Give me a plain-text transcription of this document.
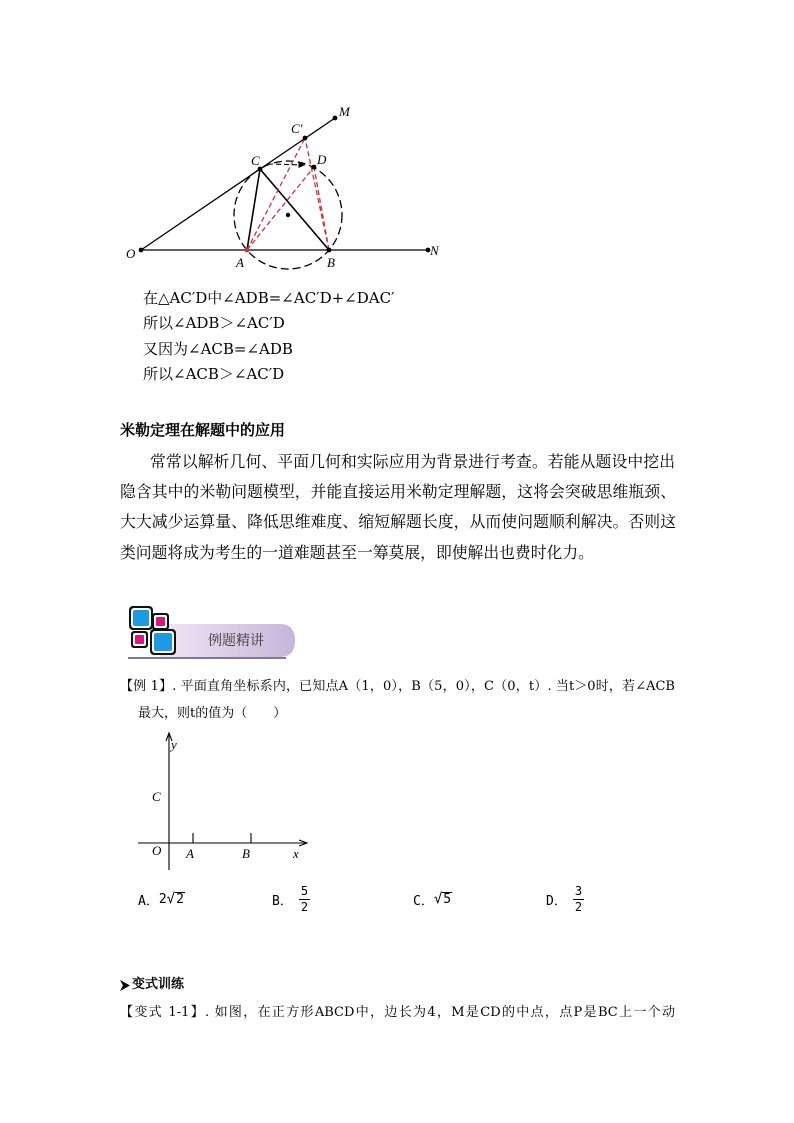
M
C′
C	D
O
A	B
N
在△AC′D中∠ADB=∠AC′D+∠DAC′
所以∠ADB＞∠AC′D
又因为∠ACB=∠ADB
所以∠ACB＞∠AC′D
米勒定理在解题中的应用
常常以解析几何、平面几何和实际应用为背景进行考查。若能从题设中挖出
隐含其中的米勒问题模型，并能直接运用米勒定理解题，这将会突破思维瓶颈、
大大减少运算量、降低思维难度、缩短解题长度，从而使问题顺利解决。否则这
类问题将成为考生的一道难题甚至一筹莫展，即使解出也费时化力。
例题精讲
【例 1】. 平面直角坐标系内，已知点A（1，0），B（5，0），C（0，t）. 当t＞0时，若∠ACB
最大，则t的值为（　　）
y
C
O A	B	x
A． 2 √ 2	B． $\frac{5}{2}$	C． √ 5	D． $\frac{3}{2}$
变式训练
【变式 1-1】. 如图，在正方形ABCD中，边长为4，M是CD的中点，点P是BC上一个动
